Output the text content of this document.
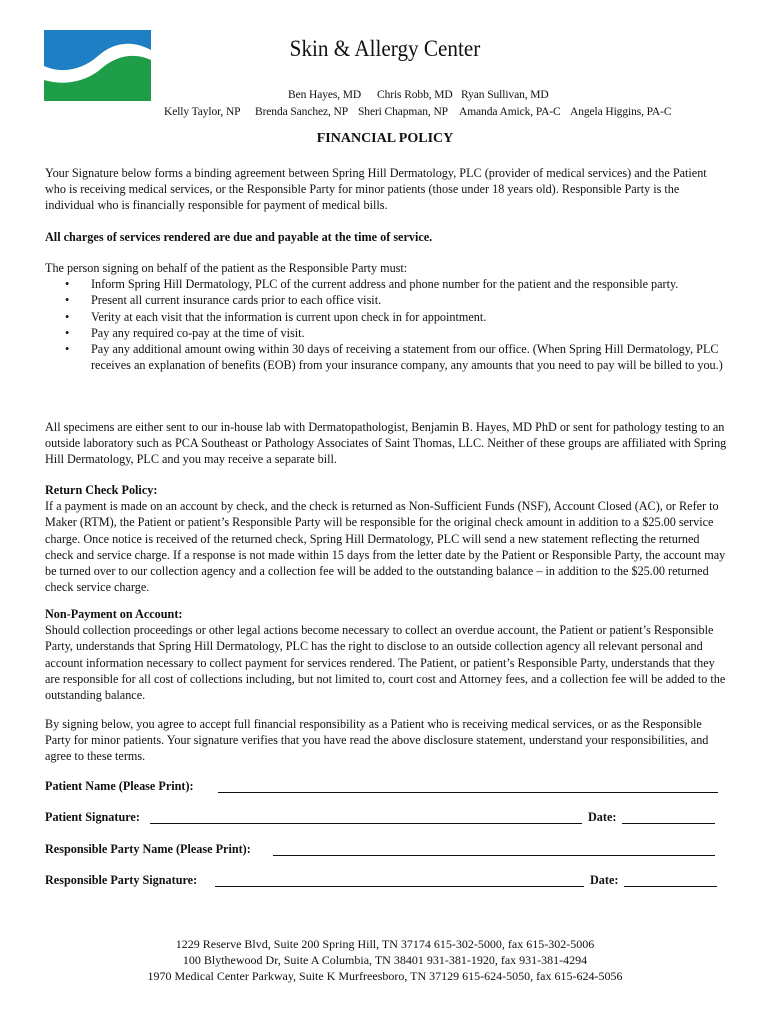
Skin & Allergy Center
Ben Hayes, MD Chris Robb, MD Ryan Sullivan, MD
Kelly Taylor, NP Brenda Sanchez, NP Sheri Chapman, NP Amanda Amick, PA-C Angela Higgins, PA-C
FINANCIAL POLICY

Your Signature below forms a binding agreement between Spring Hill Dermatology, PLC (provider of medical services) and the Patient who is receiving medical services, or the Responsible Party for minor patients (those under 18 years old). Responsible Party is the individual who is financially responsible for payment of medical bills.

All charges of services rendered are due and payable at the time of service.

The person signing on behalf of the patient as the Responsible Party must:

• Inform Spring Hill Dermatology, PLC of the current address and phone number for the patient and the responsible party.
• Present all current insurance cards prior to each office visit.
• Verity at each visit that the information is current upon check in for appointment.
• Pay any required co-pay at the time of visit.
• Pay any additional amount owing within 30 days of receiving a statement from our office. (When Spring Hill Dermatology, PLC receives an explanation of benefits (EOB) from your insurance company, any amounts that you need to pay will be billed to you.)

All specimens are either sent to our in-house lab with Dermatopathologist, Benjamin B. Hayes, MD PhD or sent for pathology testing to an outside laboratory such as PCA Southeast or Pathology Associates of Saint Thomas, LLC. Neither of these groups are affiliated with Spring Hill Dermatology, PLC and you may receive a separate bill.

Return Check Policy:

If a payment is made on an account by check, and the check is returned as Non-Sufficient Funds (NSF), Account Closed (AC), or Refer to Maker (RTM), the Patient or patient’s Responsible Party will be responsible for the original check amount in addition to a $25.00 service charge. Once notice is received of the returned check, Spring Hill Dermatology, PLC will send a new statement reflecting the returned check and service charge. If a response is not made within 15 days from the letter date by the Patient or Responsible Party, the account may be turned over to our collection agency and a collection fee will be added to the outstanding balance – in addition to the $25.00 returned check service charge.

Non-Payment on Account:

Should collection proceedings or other legal actions become necessary to collect an overdue account, the Patient or patient’s Responsible Party, understands that Spring Hill Dermatology, PLC has the right to disclose to an outside collection agency all relevant personal and account information necessary to collect payment for services rendered. The Patient, or patient’s Responsible Party, understands that they are responsible for all cost of collections including, but not limited to, court cost and Attorney fees, and a collection fee will be added to the outstanding balance.

By signing below, you agree to accept full financial responsibility as a Patient who is receiving medical services, or as the Responsible Party for minor patients. Your signature verifies that you have read the above disclosure statement, understand your responsibilities, and agree to these terms.

Patient Name (Please Print):
Patient Signature:	Date:
Responsible Party Name (Please Print):
Responsible Party Signature:	Date:
1229 Reserve Blvd, Suite 200 Spring Hill, TN 37174 615-302-5000, fax 615-302-5006
100 Blythewood Dr, Suite A Columbia, TN 38401 931-381-1920, fax 931-381-4294
1970 Medical Center Parkway, Suite K Murfreesboro, TN 37129 615-624-5050, fax 615-624-5056
